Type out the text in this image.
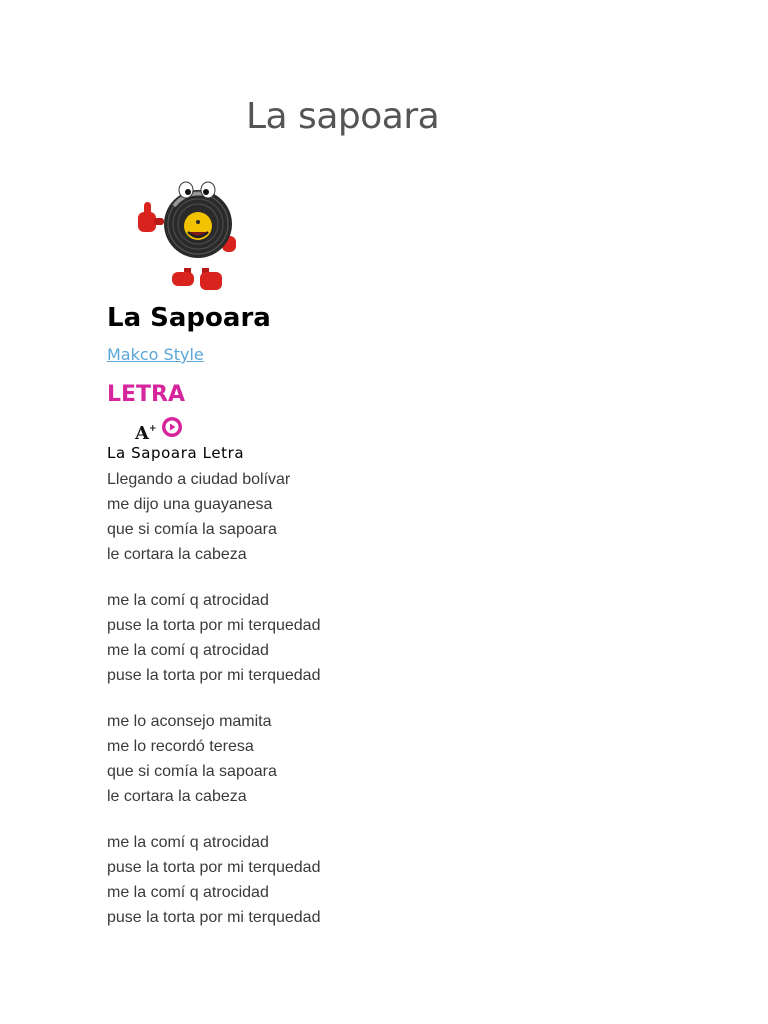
La sapoara
La Sapoara
Makco Style
LETRA
A+
La Sapoara Letra
Llegando a ciudad bolívar
me dijo una guayanesa
que si comía la sapoara
le cortara la cabeza
me la comí q atrocidad
puse la torta por mi terquedad
me la comí q atrocidad
puse la torta por mi terquedad
me lo aconsejo mamita
me lo recordó teresa
que si comía la sapoara
le cortara la cabeza
me la comí q atrocidad
puse la torta por mi terquedad
me la comí q atrocidad
puse la torta por mi terquedad
